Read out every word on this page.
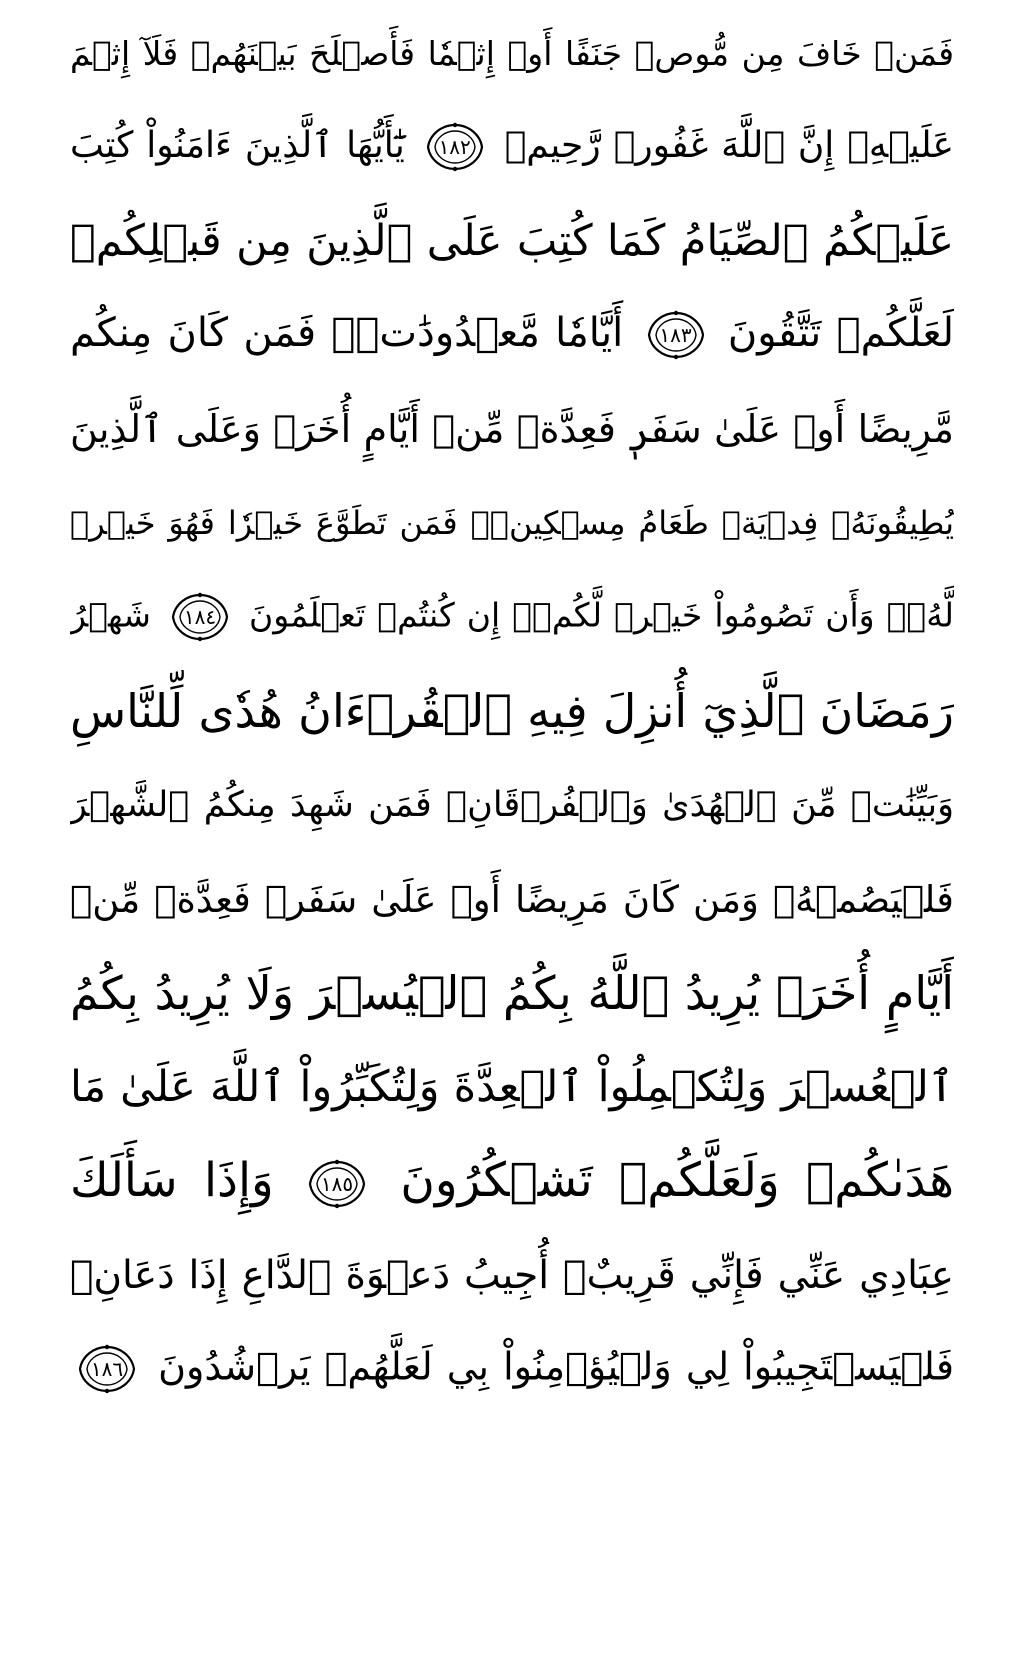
فَمَنۡ خَافَ مِن مُّوصٖ جَنَفًا أَوۡ إِثۡمٗا فَأَصۡلَحَ بَيۡنَهُمۡ فَلَآ إِثۡمَ
عَلَيۡهِۚ إِنَّ ٱللَّهَ غَفُورٞ رَّحِيمٞ
١٨٢
يَٰٓأَيُّهَا ٱلَّذِينَ ءَامَنُواْ كُتِبَ
عَلَيۡكُمُ ٱلصِّيَامُ كَمَا كُتِبَ عَلَى ٱلَّذِينَ مِن قَبۡلِكُمۡ
لَعَلَّكُمۡ تَتَّقُونَ
١٨٣
أَيَّامٗا مَّعۡدُودَٰتٖۚ فَمَن كَانَ مِنكُم
مَّرِيضًا أَوۡ عَلَىٰ سَفَرٖ فَعِدَّةٞ مِّنۡ أَيَّامٍ أُخَرَۚ وَعَلَى ٱلَّذِينَ
يُطِيقُونَهُۥ فِدۡيَةٞ طَعَامُ مِسۡكِينٖۖ فَمَن تَطَوَّعَ خَيۡرٗا فَهُوَ خَيۡرٞ
لَّهُۥۚ وَأَن تَصُومُواْ خَيۡرٞ لَّكُمۡۖ إِن كُنتُمۡ تَعۡلَمُونَ
١٨٤
شَهۡرُ
رَمَضَانَ ٱلَّذِيٓ أُنزِلَ فِيهِ ٱلۡقُرۡءَانُ هُدٗى لِّلنَّاسِ
وَبَيِّنَٰتٖ مِّنَ ٱلۡهُدَىٰ وَٱلۡفُرۡقَانِۚ فَمَن شَهِدَ مِنكُمُ ٱلشَّهۡرَ
فَلۡيَصُمۡهُۖ وَمَن كَانَ مَرِيضًا أَوۡ عَلَىٰ سَفَرٖ فَعِدَّةٞ مِّنۡ
أَيَّامٍ أُخَرَۗ يُرِيدُ ٱللَّهُ بِكُمُ ٱلۡيُسۡرَ وَلَا يُرِيدُ بِكُمُ
ٱلۡعُسۡرَ وَلِتُكۡمِلُواْ ٱلۡعِدَّةَ وَلِتُكَبِّرُواْ ٱللَّهَ عَلَىٰ مَا
هَدَىٰكُمۡ وَلَعَلَّكُمۡ تَشۡكُرُونَ
١٨٥
وَإِذَا سَأَلَكَ
عِبَادِي عَنِّي فَإِنِّي قَرِيبٌۖ أُجِيبُ دَعۡوَةَ ٱلدَّاعِ إِذَا دَعَانِۖ
فَلۡيَسۡتَجِيبُواْ لِي وَلۡيُؤۡمِنُواْ بِي لَعَلَّهُمۡ يَرۡشُدُونَ
١٨٦
